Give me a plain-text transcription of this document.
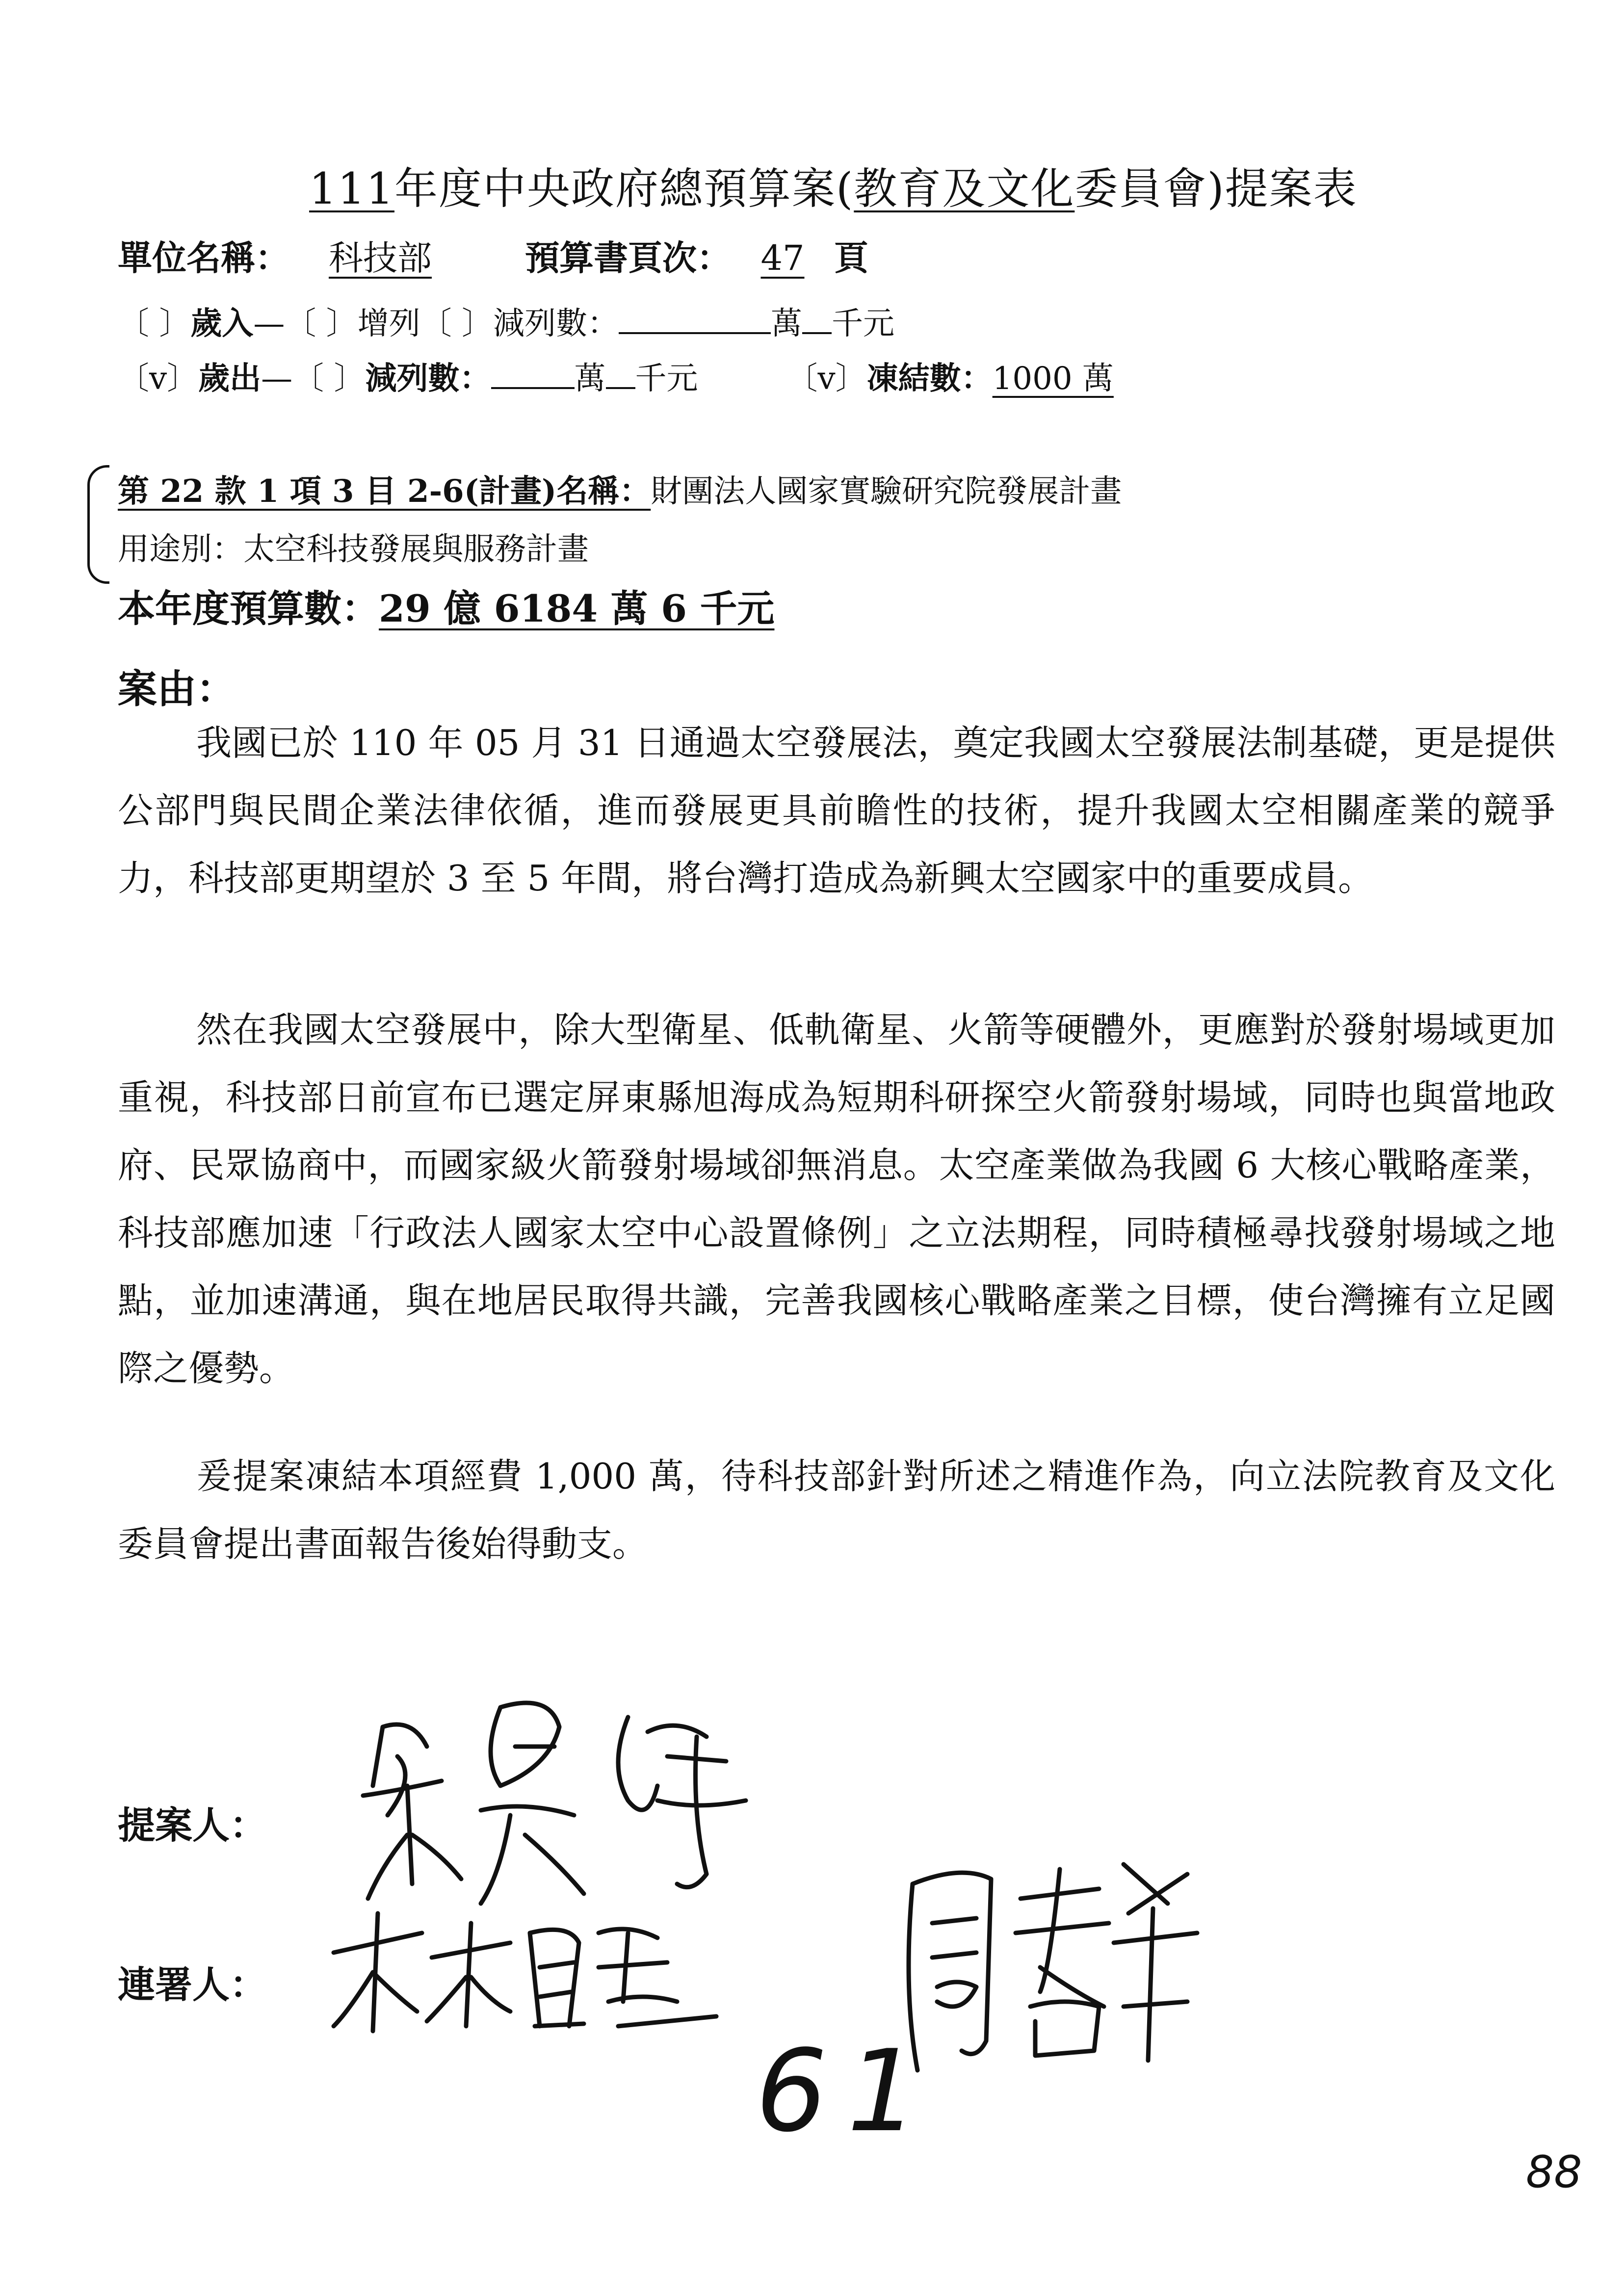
111年度中央政府總預算案(教育及文化委員會)提案表
單位名稱： 科技部	預算書頁次： 47 頁
〔 〕歲入—〔 〕增列〔 〕減列數：	萬 千元
〔v〕歲出—〔 〕減列數：	萬 千元	〔v〕凍結數：1000 萬
第 22 款 1 項 3 目 2-6(計畫)名稱：財團法人國家實驗研究院發展計畫
用途別：太空科技發展與服務計畫
本年度預算數：29 億 6184 萬 6 千元
案由：
我國已於 110 年 05 月 31 日通過太空發展法，奠定我國太空發展法制基礎，更是提供公部門與民間企業法律依循，進而發展更具前瞻性的技術，提升我國太空相關產業的競爭力，科技部更期望於 3 至 5 年間，將台灣打造成為新興太空國家中的重要成員。
然在我國太空發展中，除大型衛星、低軌衛星、火箭等硬體外，更應對於發射場域更加重視，科技部日前宣布已選定屏東縣旭海成為短期科研探空火箭發射場域，同時也與當地政府、民眾協商中，而國家級火箭發射場域卻無消息。太空產業做為我國 6 大核心戰略產業，科技部應加速「行政法人國家太空中心設置條例」之立法期程，同時積極尋找發射場域之地點，並加速溝通，與在地居民取得共識，完善我國核心戰略產業之目標，使台灣擁有立足國際之優勢。
爰提案凍結本項經費 1,000 萬，待科技部針對所述之精進作為，向立法院教育及文化委員會提出書面報告後始得動支。
提案人：
連署人：
61
88
